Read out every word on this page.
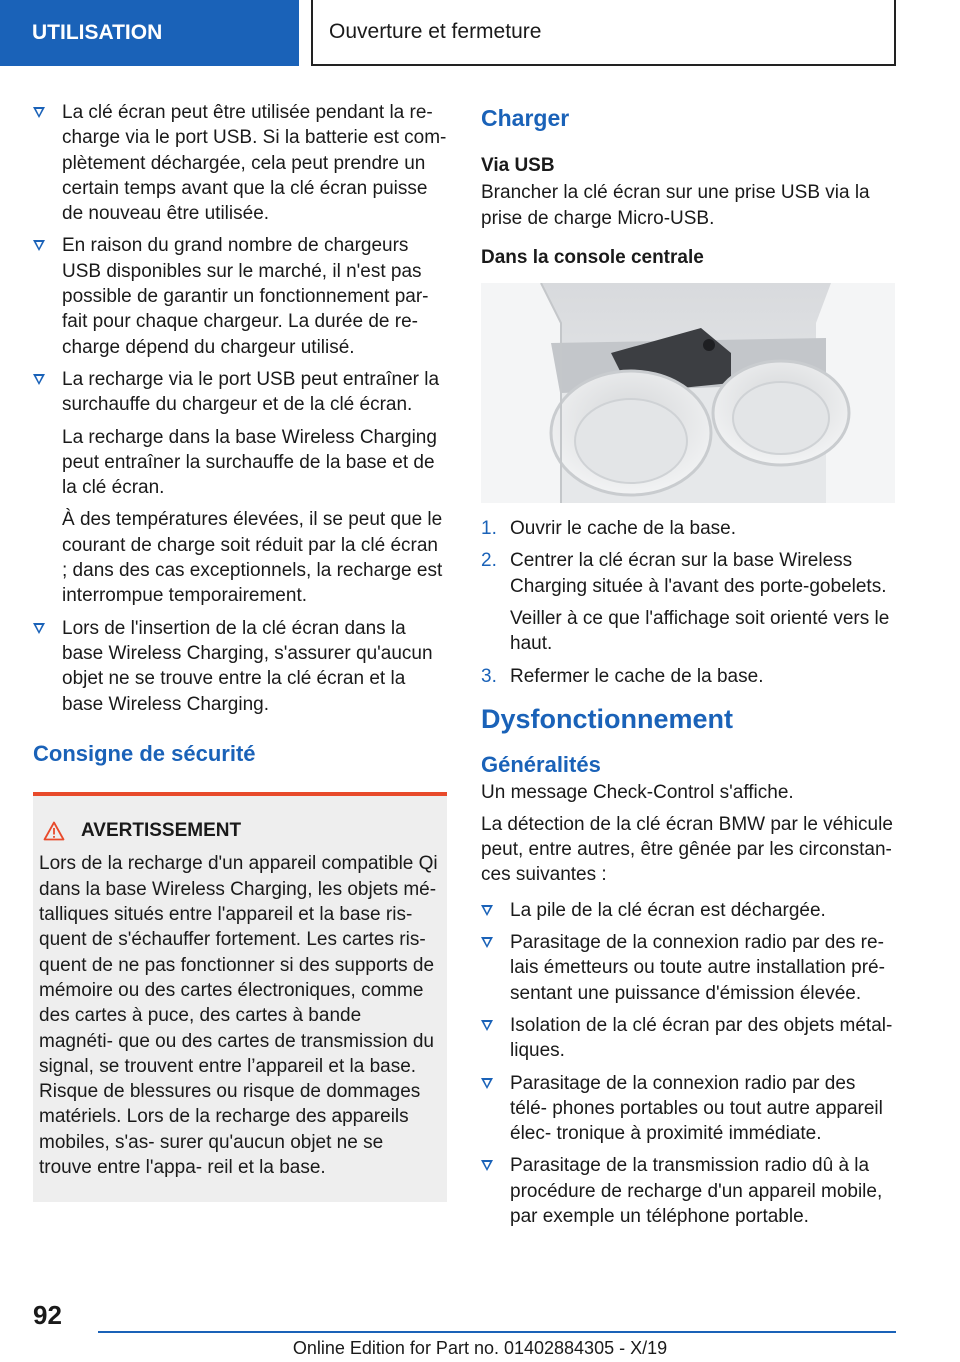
UTILISATION	Ouverture et fermeture

La clé écran peut être utilisée pendant la re‐ charge via le port USB. Si la batterie est com‐ plètement déchargée, cela peut prendre un certain temps avant que la clé écran puisse de nouveau être utilisée.

En raison du grand nombre de chargeurs USB disponibles sur le marché, il n'est pas possible de garantir un fonctionnement par‐ fait pour chaque chargeur. La durée de re‐ charge dépend du chargeur utilisé.

La recharge via le port USB peut entraîner la surchauffe du chargeur et de la clé écran.

La recharge dans la base Wireless Charging peut entraîner la surchauffe de la base et de la clé écran.

À des températures élevées, il se peut que le courant de charge soit réduit par la clé écran ; dans des cas exceptionnels, la recharge est interrompue temporairement.

Lors de l'insertion de la clé écran dans la base Wireless Charging, s'assurer qu'aucun objet ne se trouve entre la clé écran et la base Wireless Charging.

Consigne de sécurité
AVERTISSEMENT
Lors de la recharge d'un appareil compatible Qi dans la base Wireless Charging, les objets mé‐ talliques situés entre l'appareil et la base ris‐ quent de s'échauffer fortement. Les cartes ris‐ quent de ne pas fonctionner si des supports de mémoire ou des cartes électroniques, comme des cartes à puce, des cartes à bande magnéti‐ que ou des cartes de transmission du signal, se trouvent entre l’appareil et la base. Risque de blessures ou risque de dommages matériels. Lors de la recharge des appareils mobiles, s'as‐ surer qu'aucun objet ne se trouve entre l'appa‐ reil et la base.
Charger
Via USB

Brancher la clé écran sur une prise USB via la prise de charge Micro-USB.

Dans la console centrale
1. Ouvrir le cache de la base.

2. Centrer la clé écran sur la base Wireless Charging située à l'avant des porte-gobelets.

Veiller à ce que l'affichage soit orienté vers le haut.

3. Refermer le cache de la base.

Dysfonctionnement
Généralités

Un message Check-Control s'affiche.

La détection de la clé écran BMW par le véhicule peut, entre autres, être gênée par les circonstan‐ ces suivantes :

La pile de la clé écran est déchargée.

Parasitage de la connexion radio par des re‐ lais émetteurs ou toute autre installation pré‐ sentant une puissance d'émission élevée.

Isolation de la clé écran par des objets métal‐ liques.

Parasitage de la connexion radio par des télé‐ phones portables ou tout autre appareil élec‐ tronique à proximité immédiate.

Parasitage de la transmission radio dû à la procédure de recharge d'un appareil mobile, par exemple un téléphone portable.

92
Online Edition for Part no. 01402884305 - X/19
